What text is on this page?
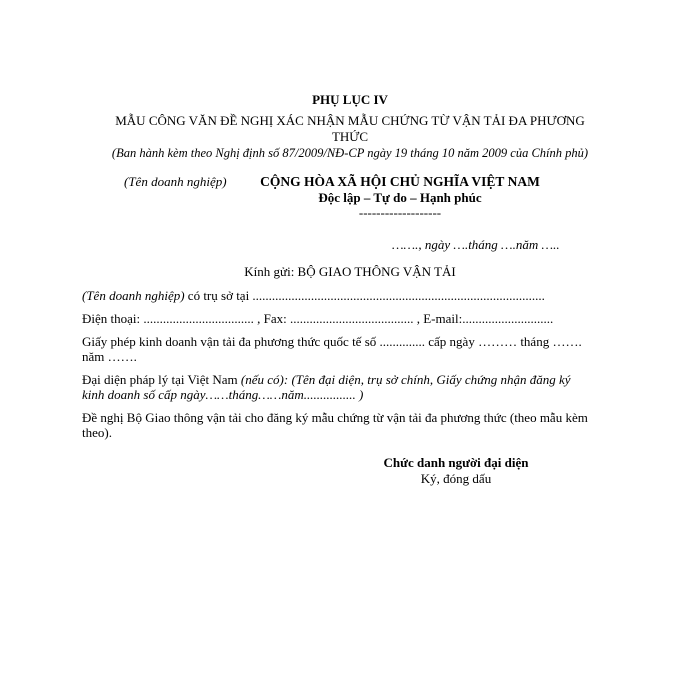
PHỤ LỤC IV
MẪU CÔNG VĂN ĐỀ NGHỊ XÁC NHẬN MẪU CHỨNG TỪ VẬN TẢI ĐA PHƯƠNG
THỨC
(Ban hành kèm theo Nghị định số 87/2009/NĐ-CP ngày 19 tháng 10 năm 2009 của Chính phủ)
(Tên doanh nghiệp)	CỘNG HÒA XÃ HỘI CHỦ NGHĨA VIỆT NAM
Độc lập – Tự do – Hạnh phúc
-------------------
……., ngày ….tháng ….năm …..
Kính gửi: BỘ GIAO THÔNG VẬN TẢI
(Tên doanh nghiệp) có trụ sở tại ..........................................................................................
Điện thoại: .................................. , Fax: ...................................... , E-mail:............................
Giấy phép kinh doanh vận tải đa phương thức quốc tế số .............. cấp ngày ……… tháng …….
năm …….
Đại diện pháp lý tại Việt Nam (nếu có): (Tên đại diện, trụ sở chính, Giấy chứng nhận đăng ký
kinh doanh số cấp ngày……tháng……năm................ )
Đề nghị Bộ Giao thông vận tải cho đăng ký mẫu chứng từ vận tải đa phương thức (theo mẫu kèm
theo).
Chức danh người đại diện
Ký, đóng dấu
